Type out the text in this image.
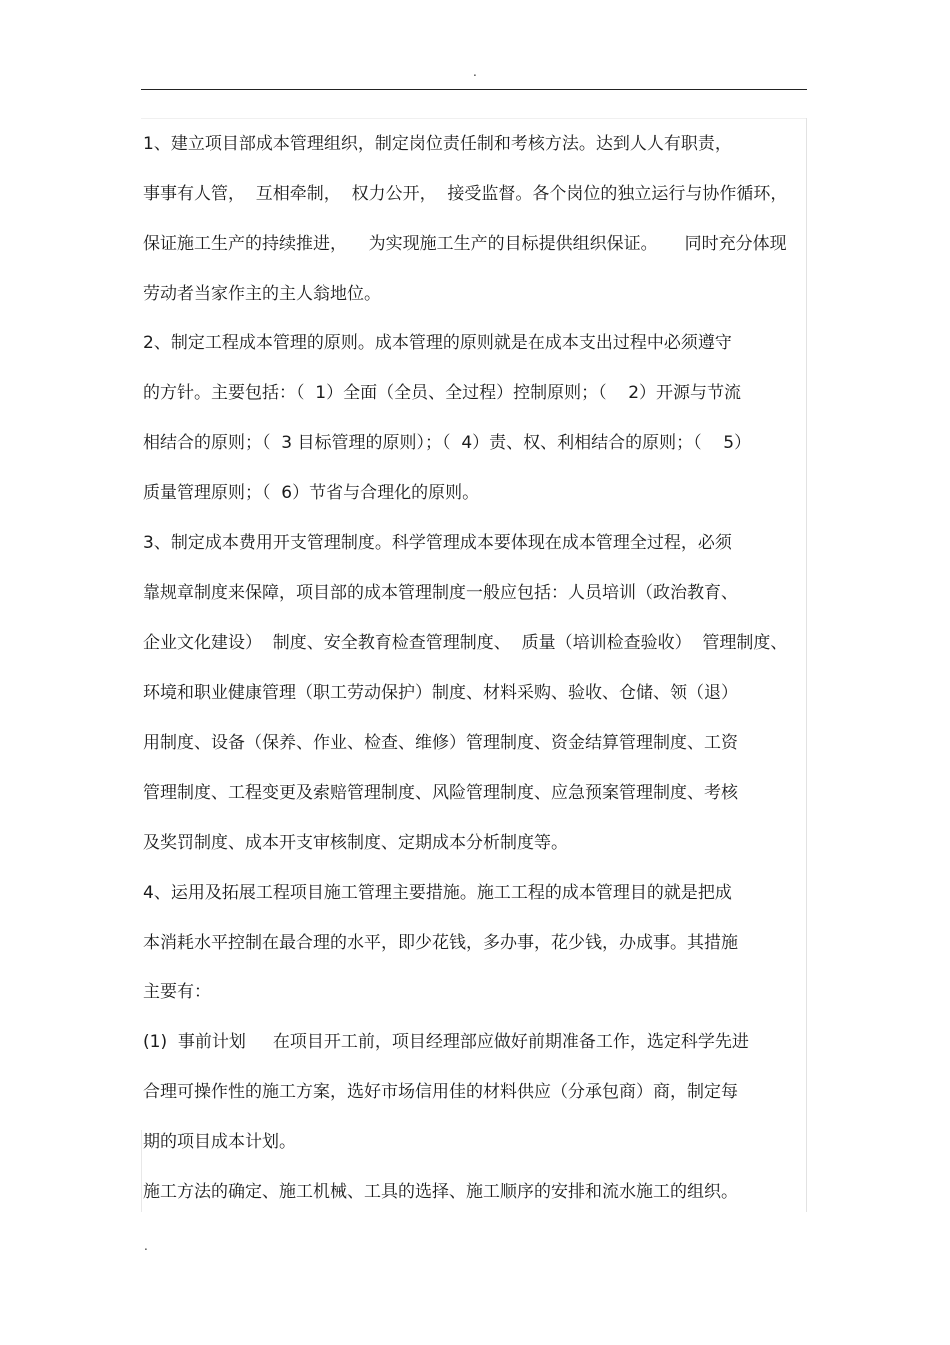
.
1、建立项目部成本管理组织，制定岗位责任制和考核方法。达到人人有职责，
事事有人管，  互相牵制，  权力公开，  接受监督。各个岗位的独立运行与协作循环，
保证施工生产的持续推进，    为实现施工生产的目标提供组织保证。     同时充分体现
劳动者当家作主的主人翁地位。
2、制定工程成本管理的原则。成本管理的原则就是在成本支出过程中必须遵守
的方针。主要包括：（  1）全面（全员、全过程）控制原则；（    2）开源与节流
相结合的原则；（  3 目标管理的原则）；（  4）责、权、利相结合的原则；（    5）
质量管理原则；（  6）节省与合理化的原则。
3、制定成本费用开支管理制度。科学管理成本要体现在成本管理全过程，必须
靠规章制度来保障，项目部的成本管理制度一般应包括：人员培训（政治教育、
企业文化建设）  制度、安全教育检查管理制度、  质量（培训检查验收）  管理制度、
环境和职业健康管理（职工劳动保护）制度、材料采购、验收、仓储、领（退）
用制度、设备（保养、作业、检查、维修）管理制度、资金结算管理制度、工资
管理制度、工程变更及索赔管理制度、风险管理制度、应急预案管理制度、考核
及奖罚制度、成本开支审核制度、定期成本分析制度等。
4、运用及拓展工程项目施工管理主要措施。施工工程的成本管理目的就是把成
本消耗水平控制在最合理的水平，即少花钱，多办事，花少钱，办成事。其措施
主要有：
(1)  事前计划     在项目开工前，项目经理部应做好前期准备工作，选定科学先进
合理可操作性的施工方案，选好市场信用佳的材料供应（分承包商）商，制定每
期的项目成本计划。
施工方法的确定、施工机械、工具的选择、施工顺序的安排和流水施工的组织。
.
